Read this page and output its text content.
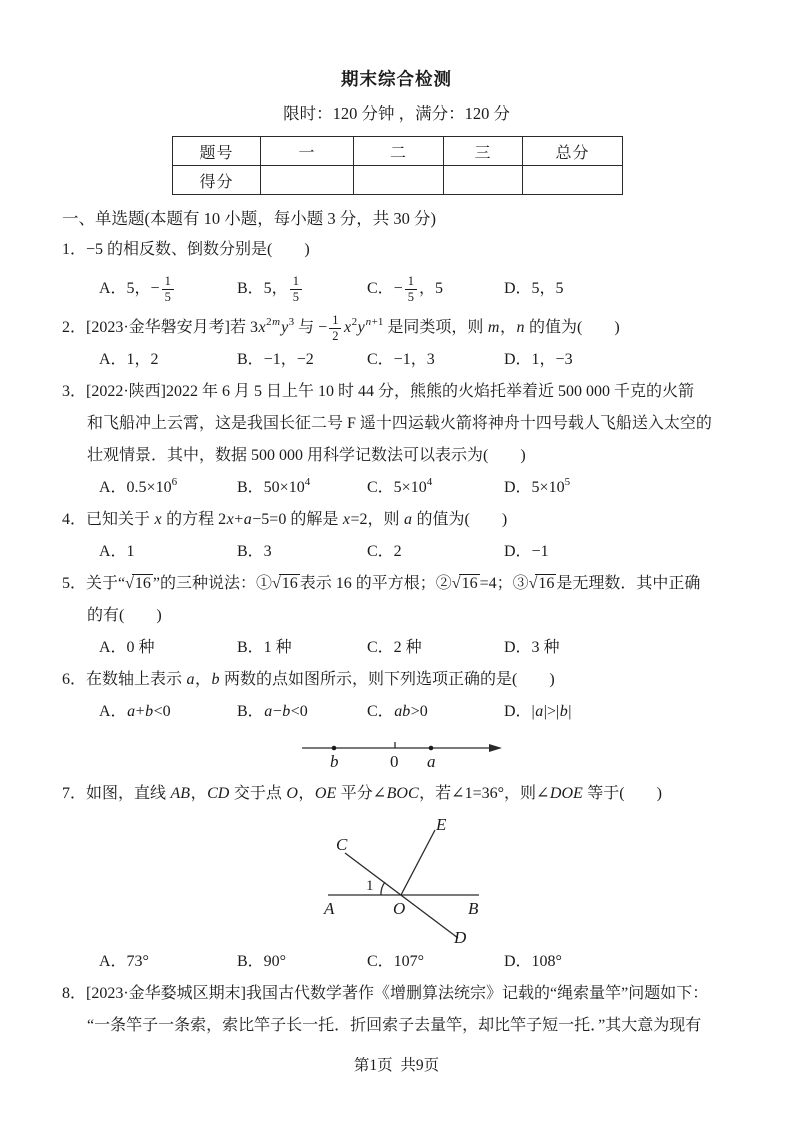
期末综合检测
限时：120 分钟 ，满分：120 分
题号	一	二	三	总分
得分				
一、单选题(本题有 10 小题，每小题 3 分，共 30 分)
1．−5 的相反数、倒数分别是(　　)
A．5，− $\frac{1}{5}$	B．5， $\frac{1}{5}$	C．− $\frac{1}{5}$ ，5	D．5，5
2．[2023·金华磐安月考]若 $3x^{2m}y^3$ 与 − $\frac{1}{2} x^2y^{n+1}$ 是同类项，则 m，n 的值为(　　)
A．1，2	B．−1，−2	C．−1，3	D．1，−3
3．[2022·陕西]2022 年 6 月 5 日上午 10 时 44 分，熊熊的火焰托举着近 500 000 千克的火箭
和飞船冲上云霄，这是我国长征二号 F 遥十四运载火箭将神舟十四号载人飞船送入太空的
壮观情景．其中，数据 500 000 用科学记数法可以表示为(　　)
A．$0.5\times 10^6$	B．$50\times 10^4$	C．$5\times 10^4$	D．$5\times 10^5$
4．已知关于 x 的方程 2x+a−5=0 的解是 x=2，则 a 的值为(　　)
A．1	B．3	C．2	D．−1
5．关于“√16 ”的三种说法：①√16 表示 16 的平方根；②√16 =4；③√16 是无理数．其中正确
的有(　　)
A．0 种	B．1 种	C．2 种	D．3 种
6．在数轴上表示 a，b 两数的点如图所示，则下列选项正确的是(　　)
A．a+b<0	B．a−b<0	C．ab>0	D．|a|>|b|
b	0 a
7．如图，直线 AB，CD 交于点 O，OE 平分∠BOC，若∠1=36°，则∠DOE 等于(　　)
E
C
1
A	O	B
D
A．73°	B．90°	C．107°	D．108°
8．[2023·金华婺城区期末]我国古代数学著作《增删算法统宗》记载的“绳索量竿”问题如下：
“一条竿子一条索，索比竿子长一托．折回索子去量竿，却比竿子短一托．”其大意为现有
第1页  共9页
